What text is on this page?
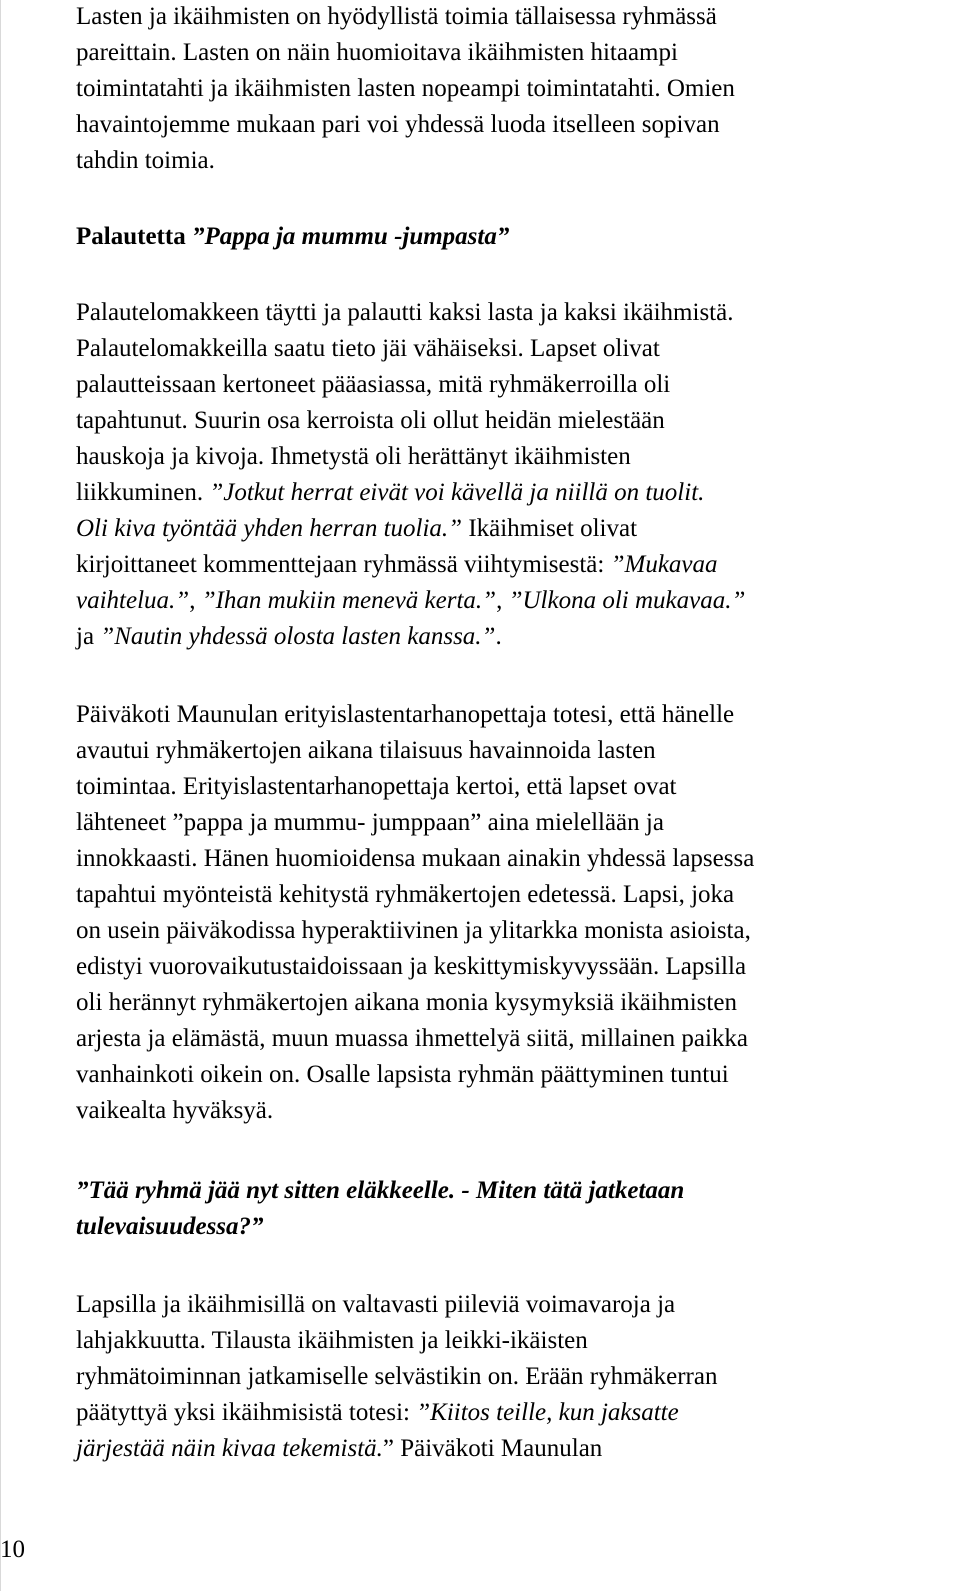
Lasten ja ikäihmisten on hyödyllistä toimia tällaisessa ryhmässä
pareittain. Lasten on näin huomioitava ikäihmisten hitaampi
toimintatahti ja ikäihmisten lasten nopeampi toimintatahti. Omien
havaintojemme mukaan pari voi yhdessä luoda itselleen sopivan
tahdin toimia.
Palautetta ”Pappa ja mummu -jumpasta”
Palautelomakkeen täytti ja palautti kaksi lasta ja kaksi ikäihmistä.
Palautelomakkeilla saatu tieto jäi vähäiseksi. Lapset olivat
palautteissaan kertoneet pääasiassa, mitä ryhmäkerroilla oli
tapahtunut. Suurin osa kerroista oli ollut heidän mielestään
hauskoja ja kivoja. Ihmetystä oli herättänyt ikäihmisten
liikkuminen. ”Jotkut herrat eivät voi kävellä ja niillä on tuolit.
Oli kiva työntää yhden herran tuolia.” Ikäihmiset olivat
kirjoittaneet kommenttejaan ryhmässä viihtymisestä: ”Mukavaa
vaihtelua.”, ”Ihan mukiin menevä kerta.”, ”Ulkona oli mukavaa.”
ja ”Nautin yhdessä olosta lasten kanssa.”.
Päiväkoti Maunulan erityislastentarhanopettaja totesi, että hänelle
avautui ryhmäkertojen aikana tilaisuus havainnoida lasten
toimintaa. Erityislastentarhanopettaja kertoi, että lapset ovat
lähteneet ”pappa ja mummu- jumppaan” aina mielellään ja
innokkaasti. Hänen huomioidensa mukaan ainakin yhdessä lapsessa
tapahtui myönteistä kehitystä ryhmäkertojen edetessä. Lapsi, joka
on usein päiväkodissa hyperaktiivinen ja ylitarkka monista asioista,
edistyi vuorovaikutustaidoissaan ja keskittymiskyvyssään. Lapsilla
oli herännyt ryhmäkertojen aikana monia kysymyksiä ikäihmisten
arjesta ja elämästä, muun muassa ihmettelyä siitä, millainen paikka
vanhainkoti oikein on. Osalle lapsista ryhmän päättyminen tuntui
vaikealta hyväksyä.
”Tää ryhmä jää nyt sitten eläkkeelle. - Miten tätä jatketaan
tulevaisuudessa?”
Lapsilla ja ikäihmisillä on valtavasti piileviä voimavaroja ja
lahjakkuutta. Tilausta ikäihmisten ja leikki-ikäisten
ryhmätoiminnan jatkamiselle selvästikin on. Erään ryhmäkerran
päätyttyä yksi ikäihmisistä totesi: ”Kiitos teille, kun jaksatte
järjestää näin kivaa tekemistä.” Päiväkoti Maunulan
10
